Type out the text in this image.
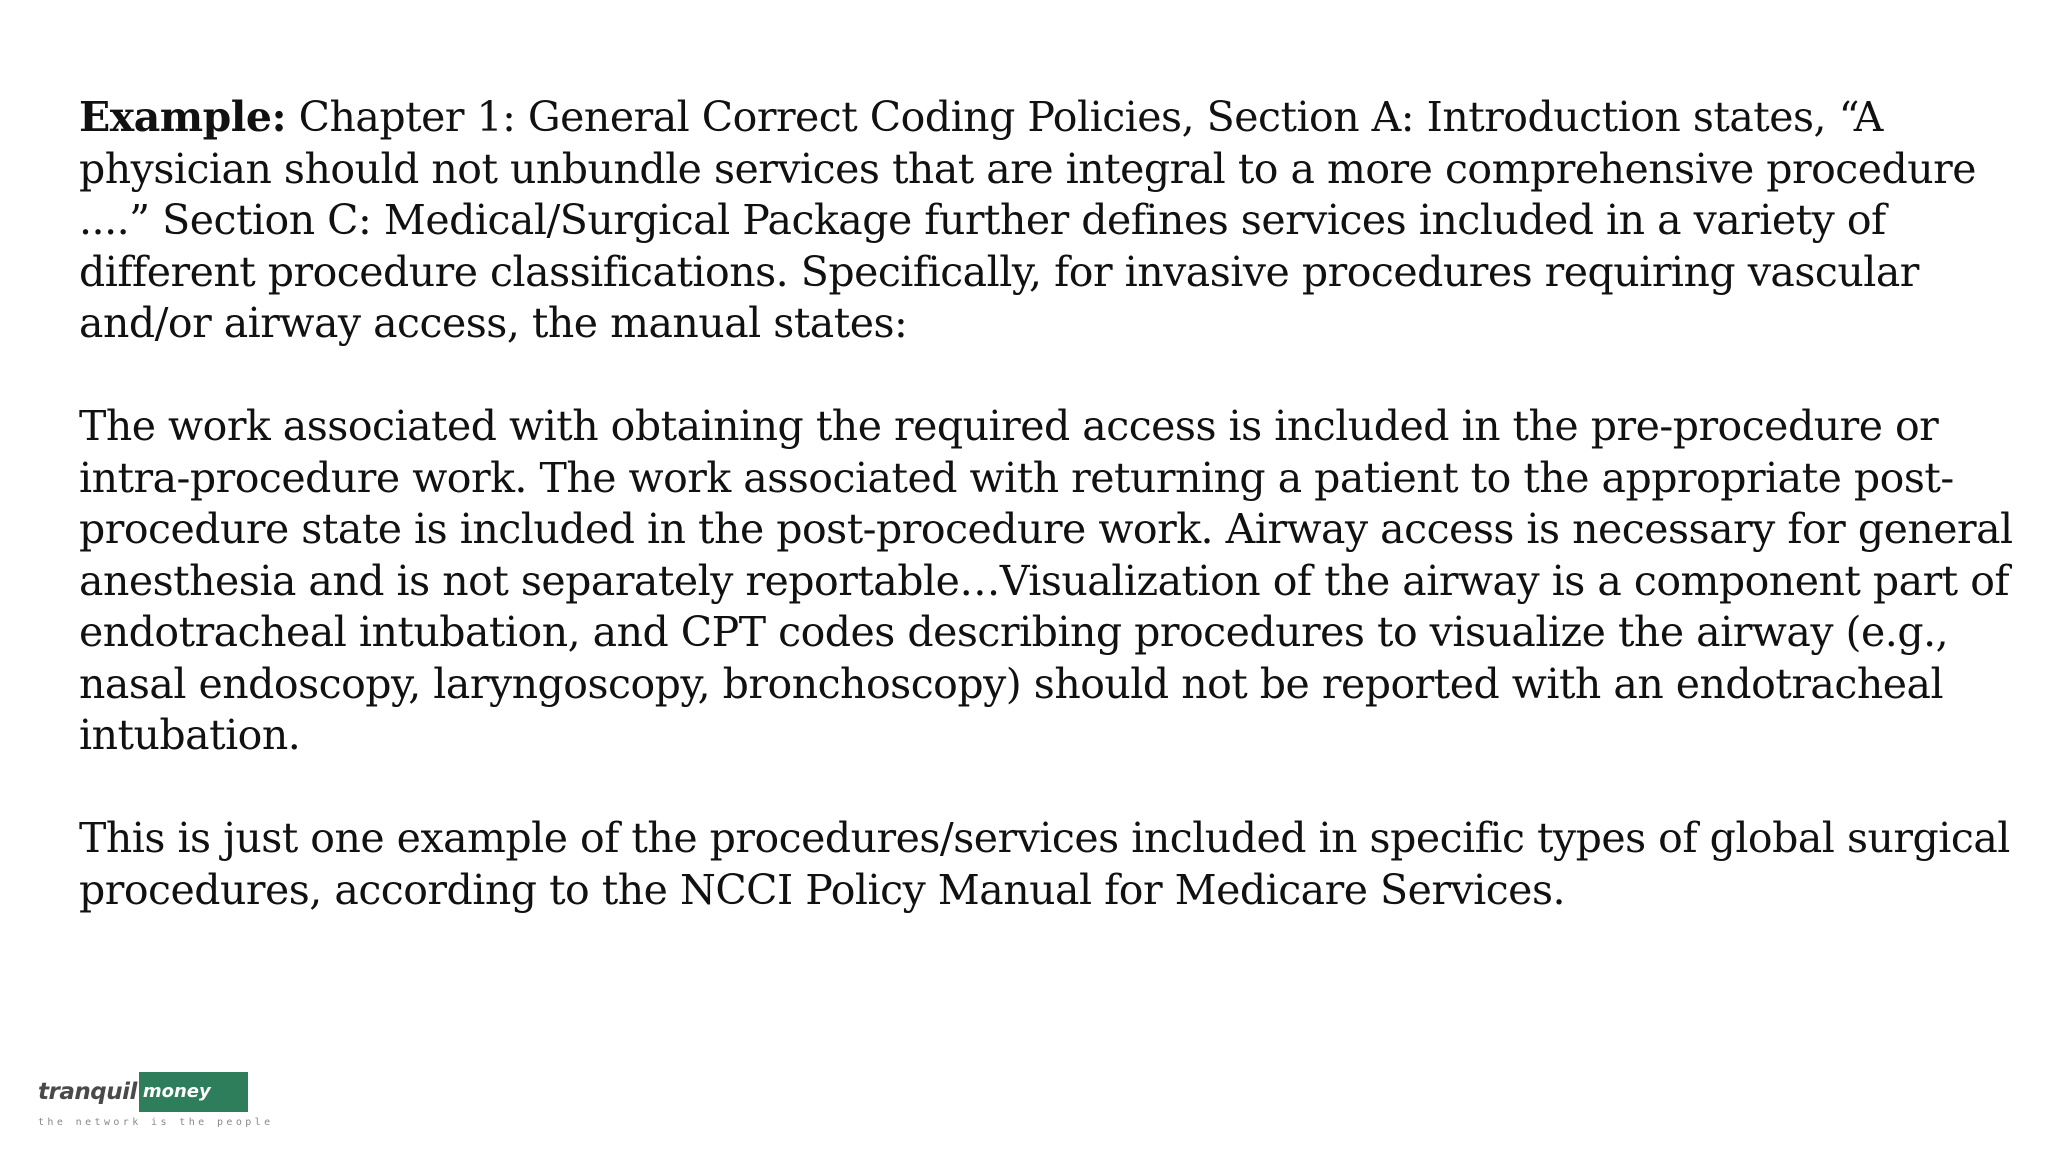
Example: Chapter 1: General Correct Coding Policies, Section A: Introduction states, “A physician should not unbundle services that are integral to a more comprehensive procedure ....” Section C: Medical/Surgical Package further defines services included in a variety of different procedure classifications. Specifically, for invasive procedures requiring vascular and/or airway access, the manual states:

The work associated with obtaining the required access is included in the pre-procedure or intra-procedure work. The work associated with returning a patient to the appropriate post-procedure state is included in the post-procedure work. Airway access is necessary for general anesthesia and is not separately reportable…Visualization of the airway is a component part of endotracheal intubation, and CPT codes describing procedures to visualize the airway (e.g., nasal endoscopy, laryngoscopy, bronchoscopy) should not be reported with an endotracheal intubation.

This is just one example of the procedures/services included in specific types of global surgical procedures, according to the NCCI Policy Manual for Medicare Services.

tranquil money
the network is the people
